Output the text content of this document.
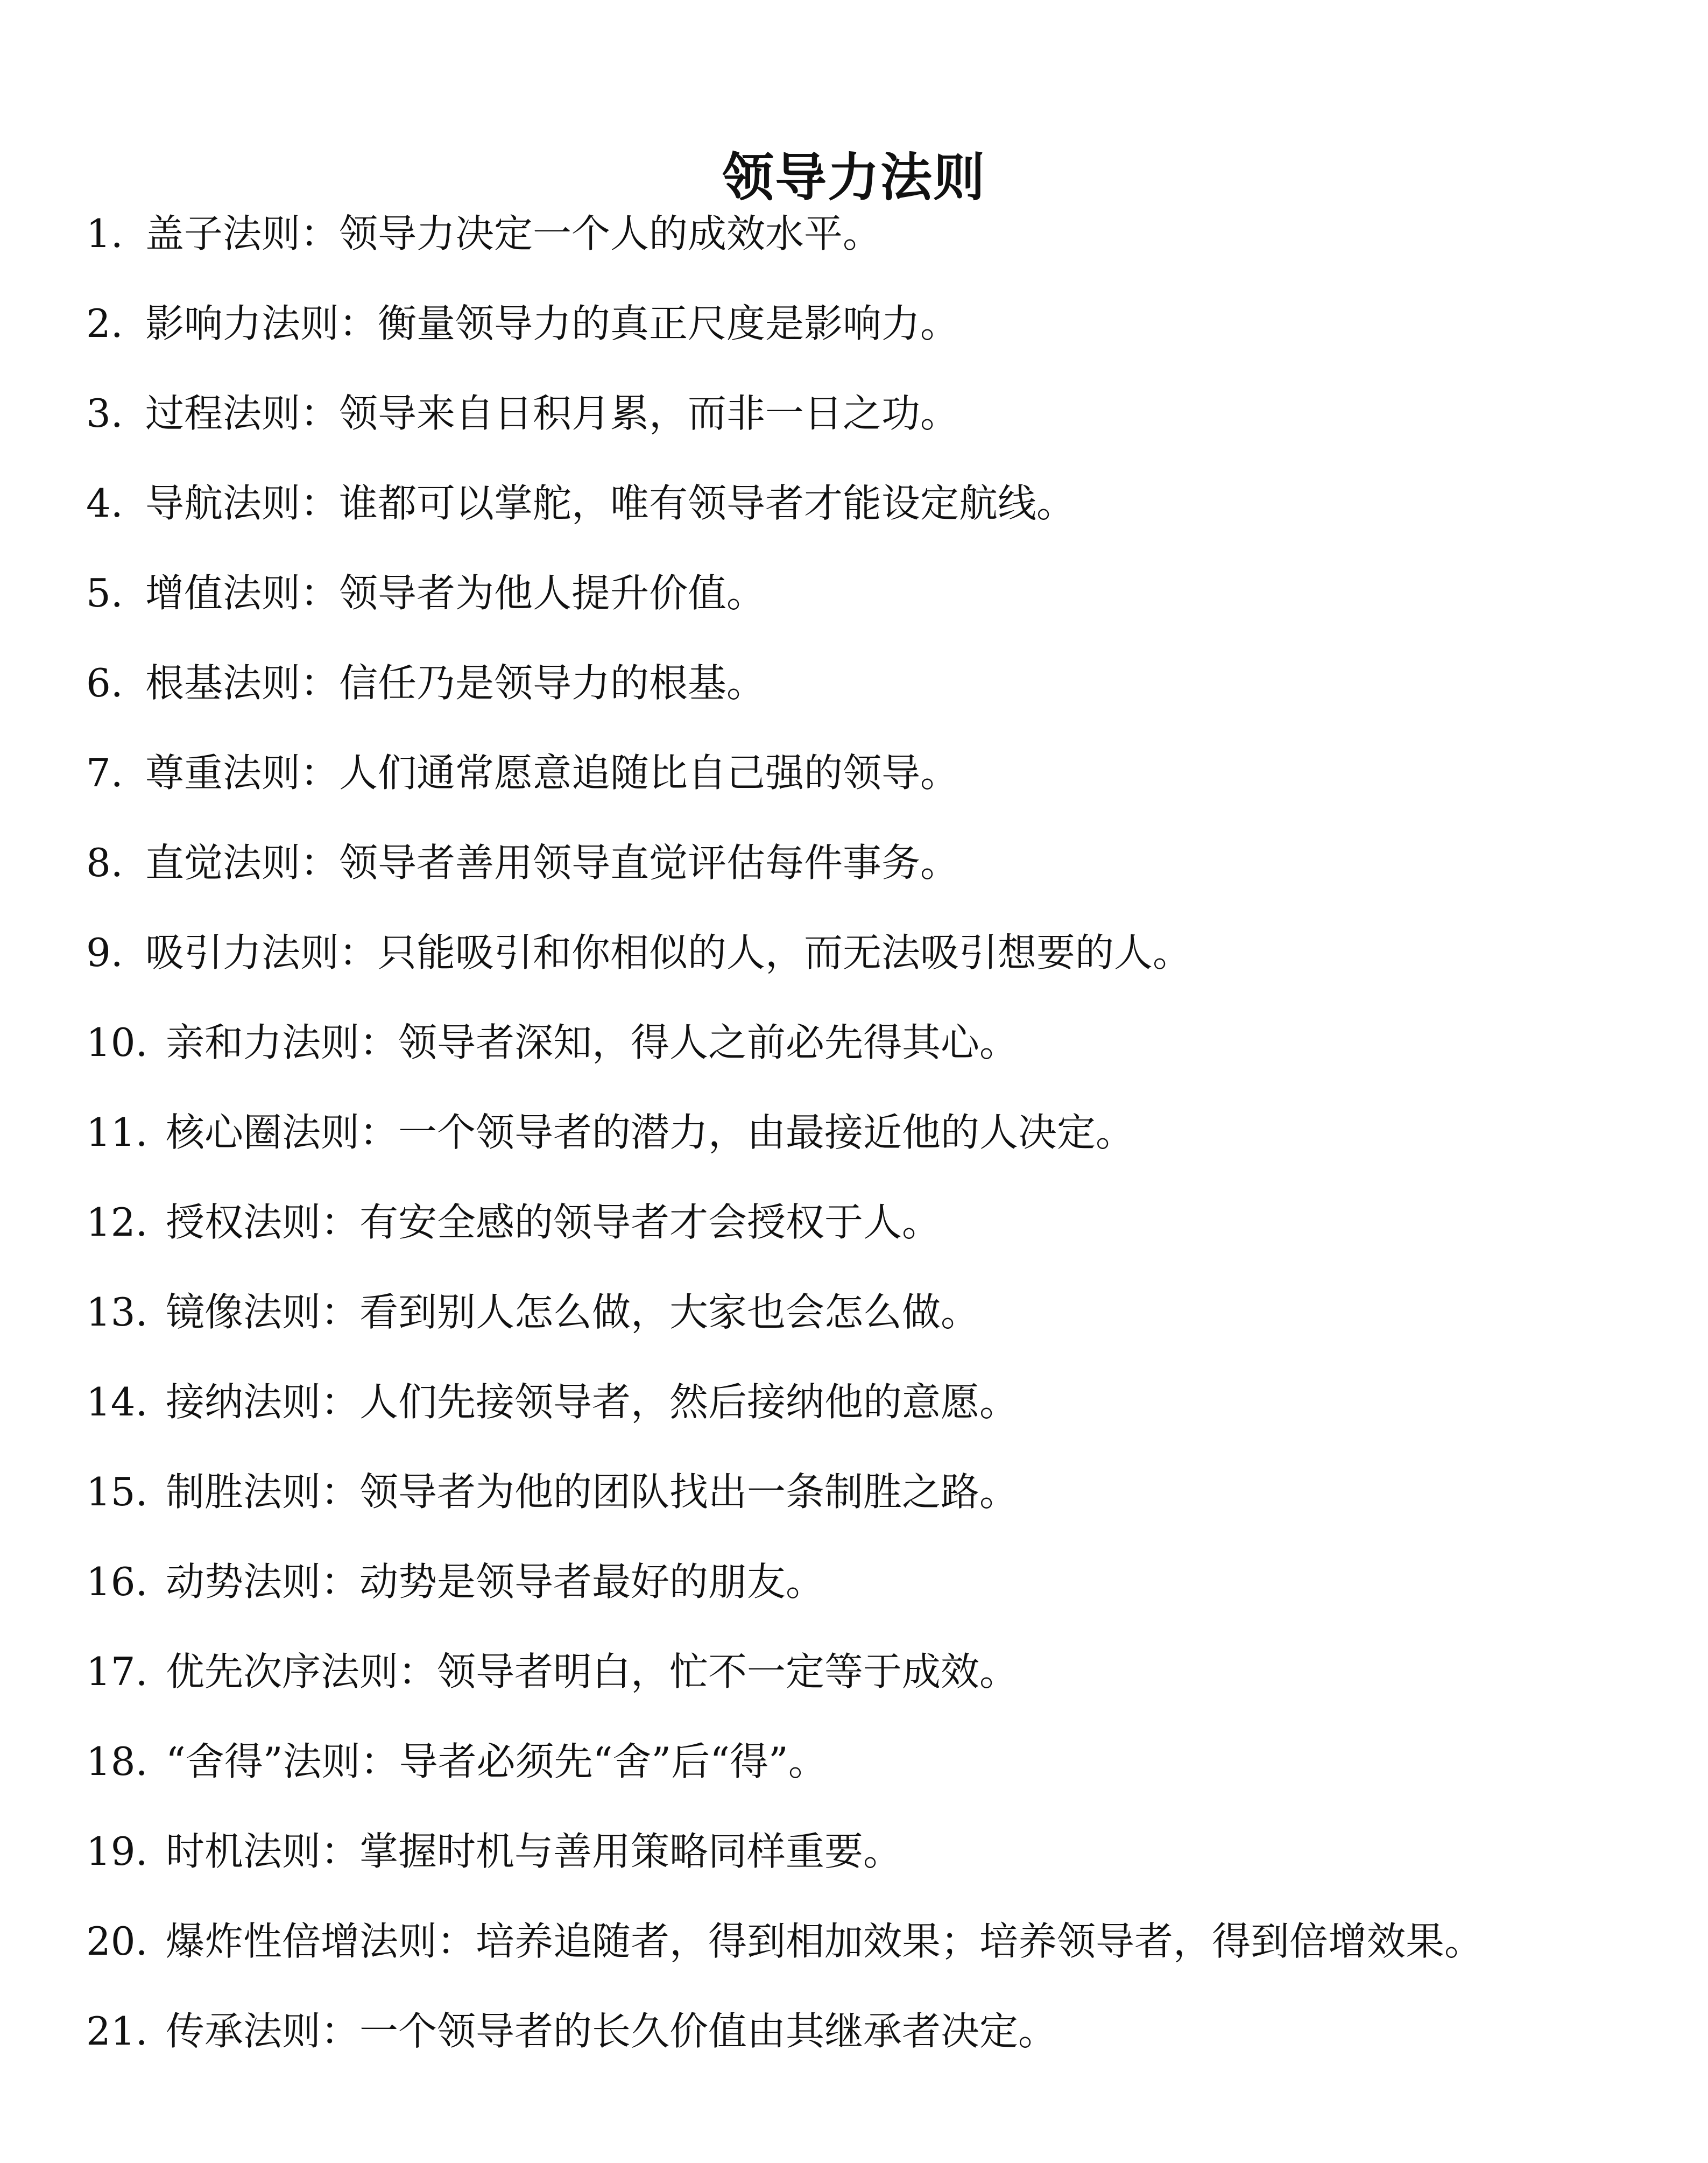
领导力法则
1. 盖子法则：领导力决定一个人的成效水平。
2. 影响力法则：衡量领导力的真正尺度是影响力。
3. 过程法则：领导来自日积月累，而非一日之功。
4. 导航法则：谁都可以掌舵，唯有领导者才能设定航线。
5. 增值法则：领导者为他人提升价值。
6. 根基法则：信任乃是领导力的根基。
7. 尊重法则：人们通常愿意追随比自己强的领导。
8. 直觉法则：领导者善用领导直觉评估每件事务。
9. 吸引力法则：只能吸引和你相似的人，而无法吸引想要的人。
10. 亲和力法则：领导者深知，得人之前必先得其心。
11. 核心圈法则：一个领导者的潜力，由最接近他的人决定。
12. 授权法则：有安全感的领导者才会授权于人。
13. 镜像法则：看到别人怎么做，大家也会怎么做。
14. 接纳法则：人们先接领导者，然后接纳他的意愿。
15. 制胜法则：领导者为他的团队找出一条制胜之路。
16. 动势法则：动势是领导者最好的朋友。
17. 优先次序法则：领导者明白，忙不一定等于成效。
18. “舍得”法则：导者必须先“舍”后“得”。
19. 时机法则：掌握时机与善用策略同样重要。
20. 爆炸性倍增法则：培养追随者，得到相加效果；培养领导者，得到倍增效果。
21. 传承法则：一个领导者的长久价值由其继承者决定。
